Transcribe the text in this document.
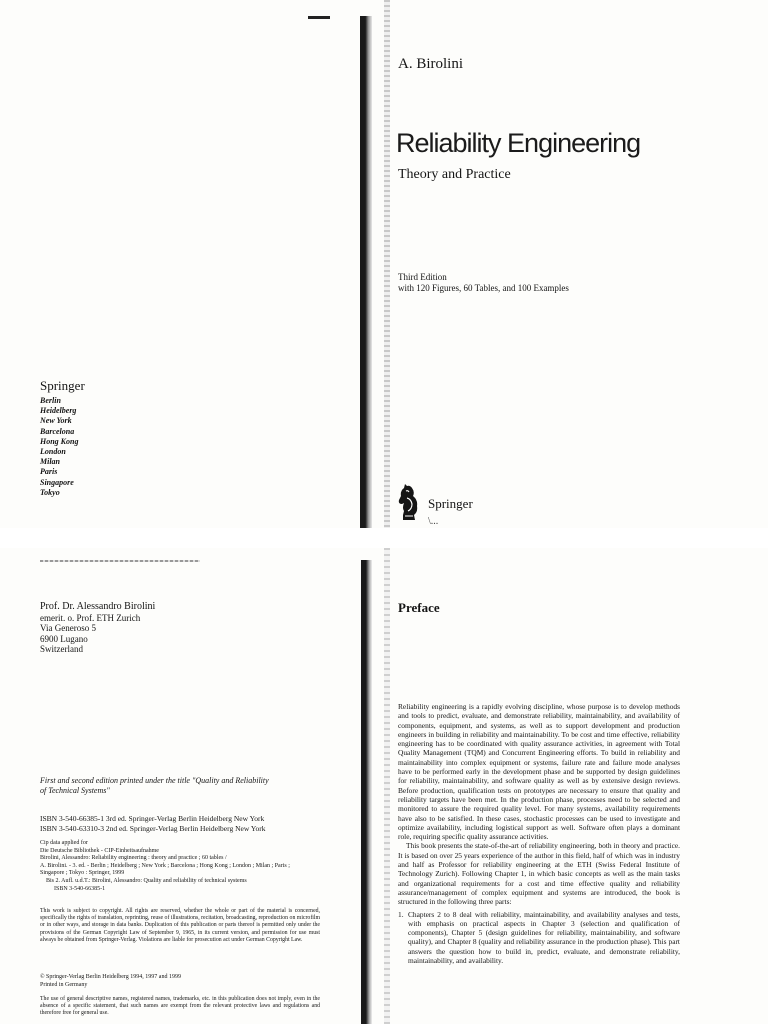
Springer
Berlin
Heidelberg
New York
Barcelona
Hong Kong
London
Milan
Paris
Singapore
Tokyo
A. Birolini
Reliability Engineering
Theory and Practice
Third Edition
with 120 Figures, 60 Tables, and 100 Examples
Springer
\...
Prof. Dr. Alessandro Birolini
emerit. o. Prof. ETH Zurich
Via Generoso 5
6900 Lugano
Switzerland
First and second edition printed under the title "Quality and Reliability
of Technical Systems"
ISBN 3-540-66385-1 3rd ed. Springer-Verlag Berlin Heidelberg New York
ISBN 3-540-63310-3 2nd ed. Springer-Verlag Berlin Heidelberg New York
Cip data applied for
Die Deutsche Bibliothek - CIP-Einheitsaufnahme
Birolini, Alessandro: Reliability engineering : theory and practice ; 60 tables /
A. Birolini. - 3. ed. - Berlin ; Heidelberg ; New York ; Barcelona ; Hong Kong ; London ; Milan ; Paris ;
Singapore ; Tokyo : Springer, 1999
Bis 2. Aufl. u.d.T.: Birolini, Alessandro: Quality and reliability of technical systems
ISBN 3-540-66385-1
This work is subject to copyright. All rights are reserved, whether the whole or part of the material is concerned, specifically the rights of translation, reprinting, reuse of illustrations, recitation, broadcasting, reproduction on microfilm or in other ways, and storage in data banks. Duplication of this publication or parts thereof is permitted only under the provisions of the German Copyright Law of September 9, 1965, in its current version, and permission for use must always be obtained from Springer-Verlag. Violations are liable for prosecution act under German Copyright Law.
© Springer-Verlag Berlin Heidelberg 1994, 1997 and 1999
Printed in Germany
The use of general descriptive names, registered names, trademarks, etc. in this publication does not imply, even in the absence of a specific statement, that such names are exempt from the relevant protective laws and regulations and therefore free for general use.
Preface

Reliability engineering is a rapidly evolving discipline, whose purpose is to develop methods and tools to predict, evaluate, and demonstrate reliability, maintainability, and availability of components, equipment, and systems, as well as to support development and production engineers in building in reliability and maintainability. To be cost and time effective, reliability engineering has to be coordinated with quality assurance activities, in agreement with Total Quality Management (TQM) and Concurrent Engineering efforts. To build in reliability and maintainability into complex equipment or systems, failure rate and failure mode analyses have to be performed early in the development phase and be supported by design guidelines for reliability, maintainability, and software quality as well as by extensive design reviews. Before production, qualification tests on prototypes are necessary to ensure that quality and reliability targets have been met. In the production phase, processes need to be selected and monitored to assure the required quality level. For many systems, availability requirements have also to be satisfied. In these cases, stochastic processes can be used to investigate and optimize availability, including logistical support as well. Software often plays a dominant role, requiring specific quality assurance activities.

This book presents the state-of-the-art of reliability engineering, both in theory and practice. It is based on over 25 years experience of the author in this field, half of which was in industry and half as Professor for reliability engineering at the ETH (Swiss Federal Institute of Technology Zurich). Following Chapter 1, in which basic concepts as well as the main tasks and organizational requirements for a cost and time effective quality and reliability assurance/management of complex equipment and systems are introduced, the book is structured in the following three parts:

1. Chapters 2 to 8 deal with reliability, maintainability, and availability analyses and tests, with emphasis on practical aspects in Chapter 3 (selection and qualification of components), Chapter 5 (design guidelines for reliability, maintainability, and software quality), and Chapter 8 (quality and reliability assurance in the production phase). This part answers the question how to build in, predict, evaluate, and demonstrate reliability, maintainability, and availability.
